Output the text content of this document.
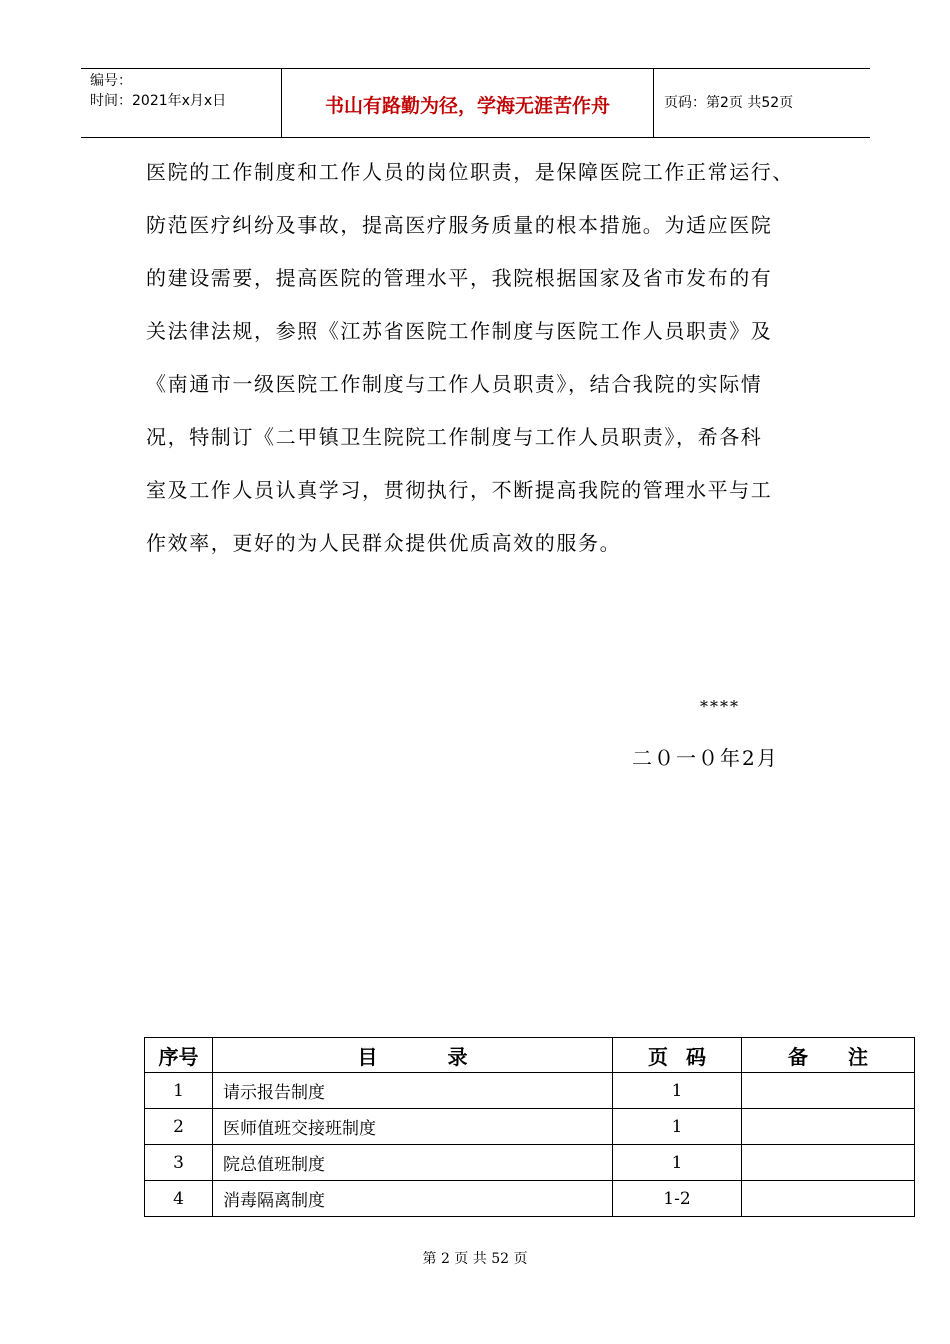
编号：
时间：2021年x月x日	书山有路勤为径，学海无涯苦作舟	页码：第2页 共52页
医院的工作制度和工作人员的岗位职责，是保障医院工作正常运行、
防范医疗纠纷及事故，提高医疗服务质量的根本措施。为适应医院
的建设需要，提高医院的管理水平，我院根据国家及省市发布的有
关法律法规，参照《江苏省医院工作制度与医院工作人员职责》及
《南通市一级医院工作制度与工作人员职责》，结合我院的实际情
况，特制订《二甲镇卫生院院工作制度与工作人员职责》，希各科
室及工作人员认真学习，贯彻执行，不断提高我院的管理水平与工
作效率，更好的为人民群众提供优质高效的服务。
****
二０一０年2月
序号	目录	页码	备注
1	请示报告制度	1	
2	医师值班交接班制度	1	
3	院总值班制度	1	
4	消毒隔离制度	1-2	
第 2 页 共 52 页
